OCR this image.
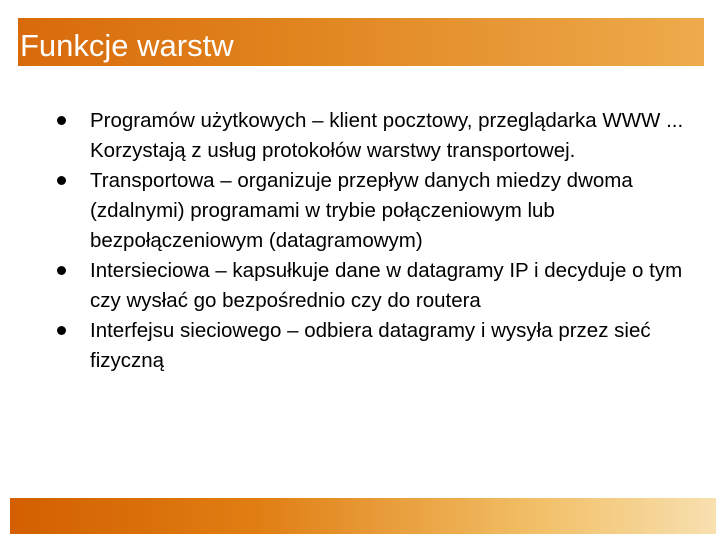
Funkcje warstw
Programów użytkowych – klient pocztowy, przeglądarka WWW ... Korzystają z usług protokołów warstwy transportowej.
Transportowa – organizuje przepływ danych miedzy dwoma (zdalnymi) programami w trybie połączeniowym lub bezpołączeniowym (datagramowym)
Intersieciowa – kapsułkuje dane w datagramy IP i decyduje o tym czy wysłać go bezpośrednio czy do routera
Interfejsu sieciowego – odbiera datagramy i wysyła przez sieć fizyczną
